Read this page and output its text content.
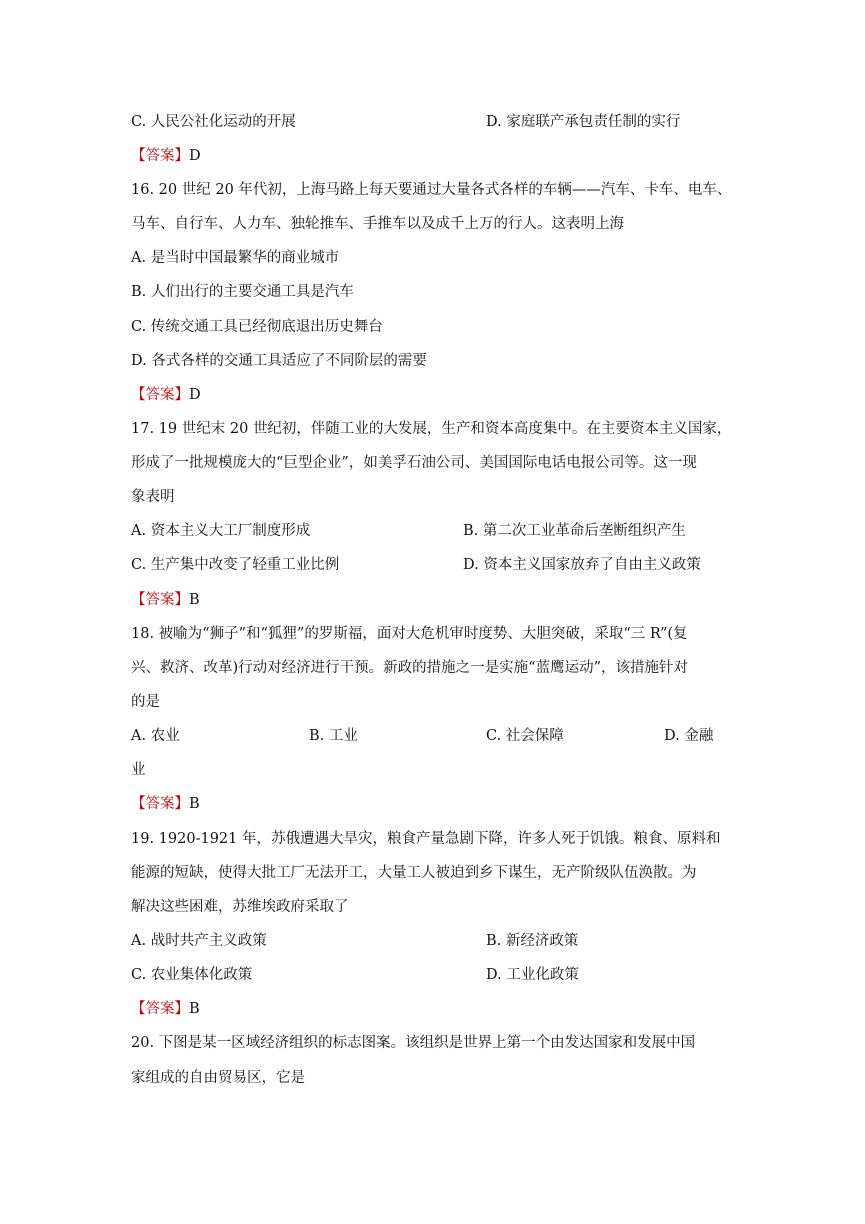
C. 人民公社化运动的开展	D. 家庭联产承包责任制的实行
【答案】D
16. 20 世纪 20 年代初，上海马路上每天要通过大量各式各样的车辆——汽车、卡车、电车、
马车、自行车、人力车、独轮推车、手推车以及成千上万的行人。这表明上海
A. 是当时中国最繁华的商业城市
B. 人们出行的主要交通工具是汽车
C. 传统交通工具已经彻底退出历史舞台
D. 各式各样的交通工具适应了不同阶层的需要
【答案】D
17. 19 世纪末 20 世纪初，伴随工业的大发展，生产和资本高度集中。在主要资本主义国家，
形成了一批规模庞大的“巨型企业”，如美孚石油公司、美国国际电话电报公司等。这一现
象表明
A. 资本主义大工厂制度形成	B. 第二次工业革命后垄断组织产生
C. 生产集中改变了轻重工业比例	D. 资本主义国家放弃了自由主义政策
【答案】B
18. 被喻为“狮子”和“狐狸”的罗斯福，面对大危机审时度势、大胆突破，采取“三 R”(复
兴、救济、改革)行动对经济进行干预。新政的措施之一是实施“蓝鹰运动”，该措施针对
的是
A. 农业	B. 工业	C. 社会保障	D. 金融
业
【答案】B
19. 1920-1921 年，苏俄遭遇大旱灾，粮食产量急剧下降，许多人死于饥饿。粮食、原料和
能源的短缺，使得大批工厂无法开工，大量工人被迫到乡下谋生，无产阶级队伍涣散。为
解决这些困难，苏维埃政府采取了
A. 战时共产主义政策	B. 新经济政策
C. 农业集体化政策	D. 工业化政策
【答案】B
20. 下图是某一区域经济组织的标志图案。该组织是世界上第一个由发达国家和发展中国
家组成的自由贸易区，它是
